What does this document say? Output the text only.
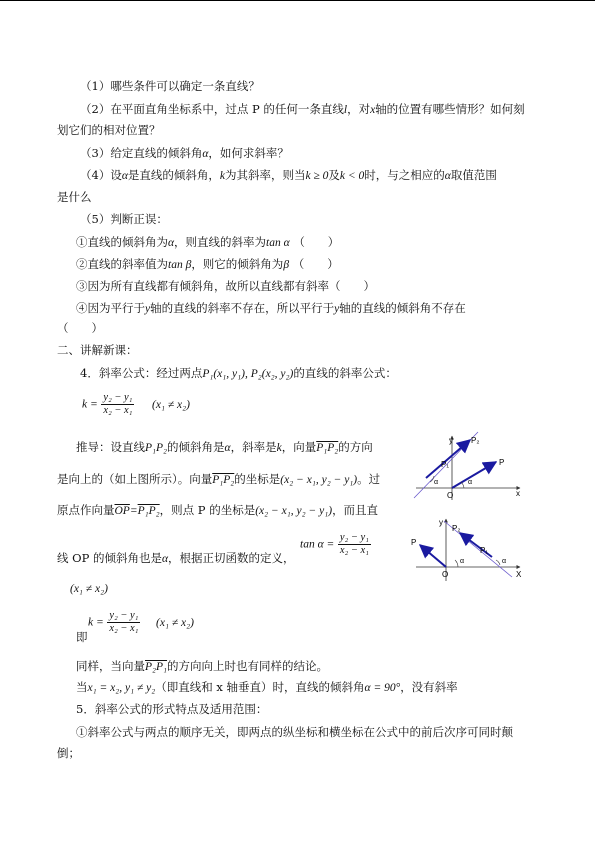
（1）哪些条件可以确定一条直线？
（2）在平面直角坐标系中，过点 P 的任何一条直线l，对x轴的位置有哪些情形？如何刻
划它们的相对位置？
（3）给定直线的倾斜角α，如何求斜率？
（4）设α是直线的倾斜角，k为其斜率，则当k ≥ 0及k < 0时，与之相应的α取值范围
是什么
（5）判断正误：
①直线的倾斜角为α，则直线的斜率为tan α （　　）
②直线的斜率值为tan β，则它的倾斜角为β （　　）
③因为所有直线都有倾斜角，故所以直线都有斜率（　　）
④因为平行于y轴的直线的斜率不存在，所以平行于y轴的直线的倾斜角不存在
（　　）
二、讲解新课：
4．斜率公式：经过两点P₁(x₁, y₁), P₂(x₂, y₂)的直线的斜率公式：
$k = \frac{\text{y₂ − y₁}}{\text{x₂ − x₁}} (x_1 \ne x_2)$
推导：设直线P₁P₂的倾斜角是α，斜率是k，向量P₁P₂的方向
是向上的（如上图所示）。向量P₁P₂的坐标是(x₂ − x₁, y₂ − y₁)。过
原点作向量$\overline{OP}=P_1P_2$，则点 P 的坐标是(x₂ − x₁, y₂ − y₁)，而且直
线 OP 的倾斜角也是α，根据正切函数的定义，
$\tan \alpha = \frac{\text{y₂ − y₁}}{\text{x₂ − x₁}}$
(x₁ ≠ x₂)
即
$k = \frac{\text{y₂ − y₁}}{\text{x₂ − x₁}} (x_1 \ne x_2)$
同样，当向量P₂P₁的方向向上时也有同样的结论。
当x₁ = x₂, y₁ ≠ y₂（即直线和 x 轴垂直）时，直线的倾斜角α = 90°，没有斜率
5．斜率公式的形式特点及适用范围：
①斜率公式与两点的顺序无关，即两点的纵坐标和横坐标在公式中的前后次序可同时颠
倒；
y
x
O
P₁
P₂
P
α	α
y
X
O
P₁
P₂
P
α
α
